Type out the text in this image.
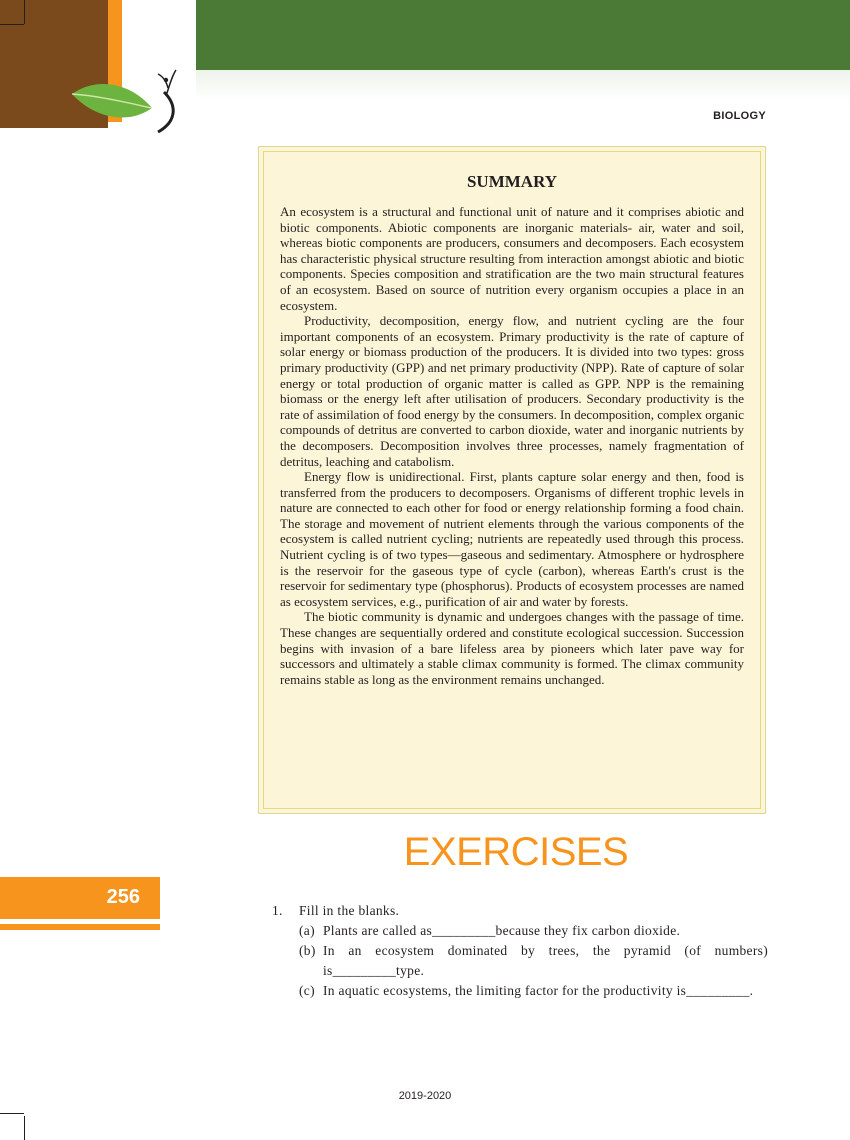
BIOLOGY
SUMMARY

An ecosystem is a structural and functional unit of nature and it comprises abiotic and biotic components. Abiotic components are inorganic materials- air, water and soil, whereas biotic components are producers, consumers and decomposers. Each ecosystem has characteristic physical structure resulting from interaction amongst abiotic and biotic components. Species composition and stratification are the two main structural features of an ecosystem. Based on source of nutrition every organism occupies a place in an ecosystem.

Productivity, decomposition, energy flow, and nutrient cycling are the four important components of an ecosystem. Primary productivity is the rate of capture of solar energy or biomass production of the producers. It is divided into two types: gross primary productivity (GPP) and net primary productivity (NPP). Rate of capture of solar energy or total production of organic matter is called as GPP. NPP is the remaining biomass or the energy left after utilisation of producers. Secondary productivity is the rate of assimilation of food energy by the consumers. In decomposition, complex organic compounds of detritus are converted to carbon dioxide, water and inorganic nutrients by the decomposers. Decomposition involves three processes, namely fragmentation of detritus, leaching and catabolism.

Energy flow is unidirectional. First, plants capture solar energy and then, food is transferred from the producers to decomposers. Organisms of different trophic levels in nature are connected to each other for food or energy relationship forming a food chain. The storage and movement of nutrient elements through the various components of the ecosystem is called nutrient cycling; nutrients are repeatedly used through this process. Nutrient cycling is of two types—gaseous and sedimentary. Atmosphere or hydrosphere is the reservoir for the gaseous type of cycle (carbon), whereas Earth's crust is the reservoir for sedimentary type (phosphorus). Products of ecosystem processes are named as ecosystem services, e.g., purification of air and water by forests.

The biotic community is dynamic and undergoes changes with the passage of time. These changes are sequentially ordered and constitute ecological succession. Succession begins with invasion of a bare lifeless area by pioneers which later pave way for successors and ultimately a stable climax community is formed. The climax community remains stable as long as the environment remains unchanged.

EXERCISES
256
1.	Fill in the blanks.
(a) Plants are called as_________because they fix carbon dioxide.
(b) In an ecosystem dominated by trees, the pyramid (of numbers) is_________type.
(c) In aquatic ecosystems, the limiting factor for the productivity is_________.
2019-2020
